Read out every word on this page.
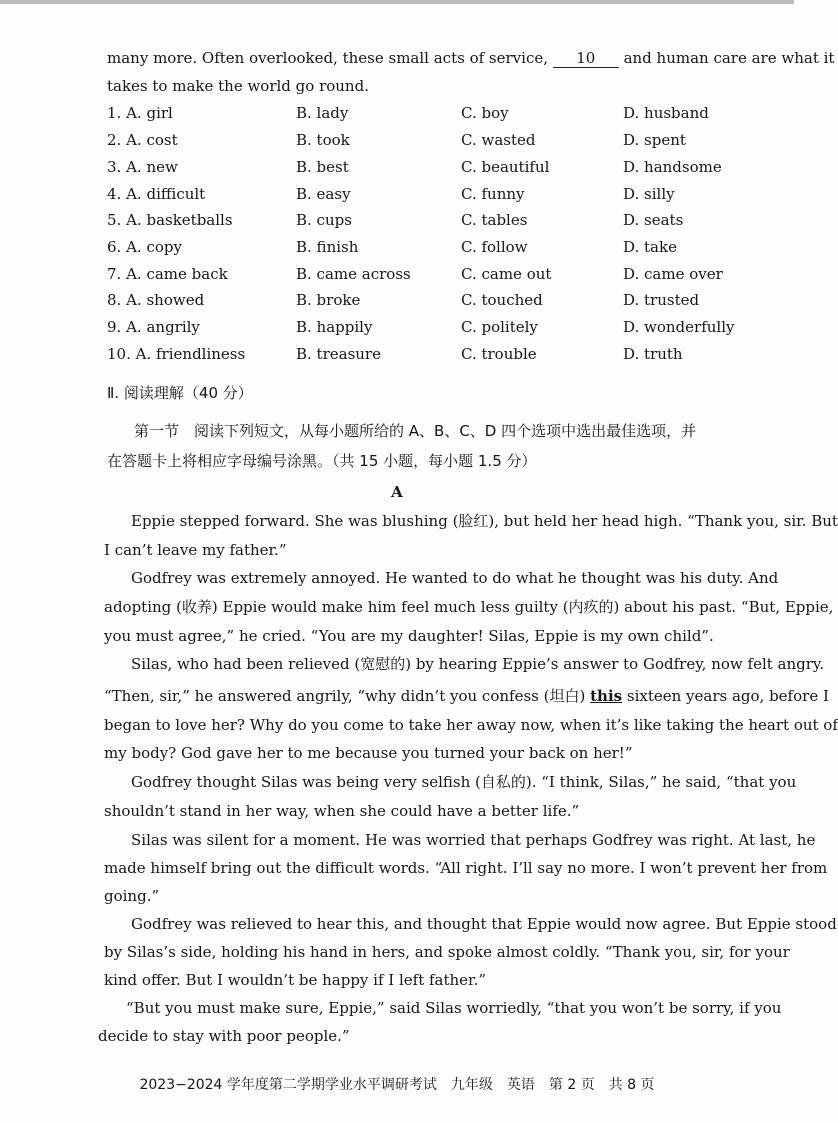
many more. Often overlooked, these small acts of service, 10 and human care are what it
takes to make the world go round.
1. A. girl	B. lady	C. boy	D. husband
2. A. cost	B. took	C. wasted	D. spent
3. A. new	B. best	C. beautiful	D. handsome
4. A. difficult	B. easy	C. funny	D. silly
5. A. basketballs	B. cups	C. tables	D. seats
6. A. copy	B. finish	C. follow	D. take
7. A. came back	B. came across	C. came out	D. came over
8. A. showed	B. broke	C. touched	D. trusted
9. A. angrily	B. happily	C. politely	D. wonderfully
10. A. friendliness	B. treasure	C. trouble	D. truth
Ⅱ. 阅读理解（40 分）
第一节　阅读下列短文，从每小题所给的 A、B、C、D 四个选项中选出最佳选项，并
在答题卡上将相应字母编号涂黑。（共 15 小题，每小题 1.5 分）
A
Eppie stepped forward. She was blushing (脸红), but held her head high. “Thank you, sir. But
I can’t leave my father.”
Godfrey was extremely annoyed. He wanted to do what he thought was his duty. And
adopting (收养) Eppie would make him feel much less guilty (内疚的) about his past. “But, Eppie,
you must agree,” he cried. “You are my daughter! Silas, Eppie is my own child”.
Silas, who had been relieved (宽慰的) by hearing Eppie’s answer to Godfrey, now felt angry.
“Then, sir,” he answered angrily, “why didn’t you confess (坦白) this sixteen years ago, before I
began to love her? Why do you come to take her away now, when it’s like taking the heart out of
my body? God gave her to me because you turned your back on her!”
Godfrey thought Silas was being very selfish (自私的). “I think, Silas,” he said, “that you
shouldn’t stand in her way, when she could have a better life.”
Silas was silent for a moment. He was worried that perhaps Godfrey was right. At last, he
made himself bring out the difficult words. “All right. I’ll say no more. I won’t prevent her from
going.”
Godfrey was relieved to hear this, and thought that Eppie would now agree. But Eppie stood
by Silas’s side, holding his hand in hers, and spoke almost coldly. “Thank you, sir, for your
kind offer. But I wouldn’t be happy if I left father.”
“But you must make sure, Eppie,” said Silas worriedly, “that you won’t be sorry, if you
decide to stay with poor people.”
2023−2024 学年度第二学期学业水平调研考试　九年级　英语　第 2 页　共 8 页
